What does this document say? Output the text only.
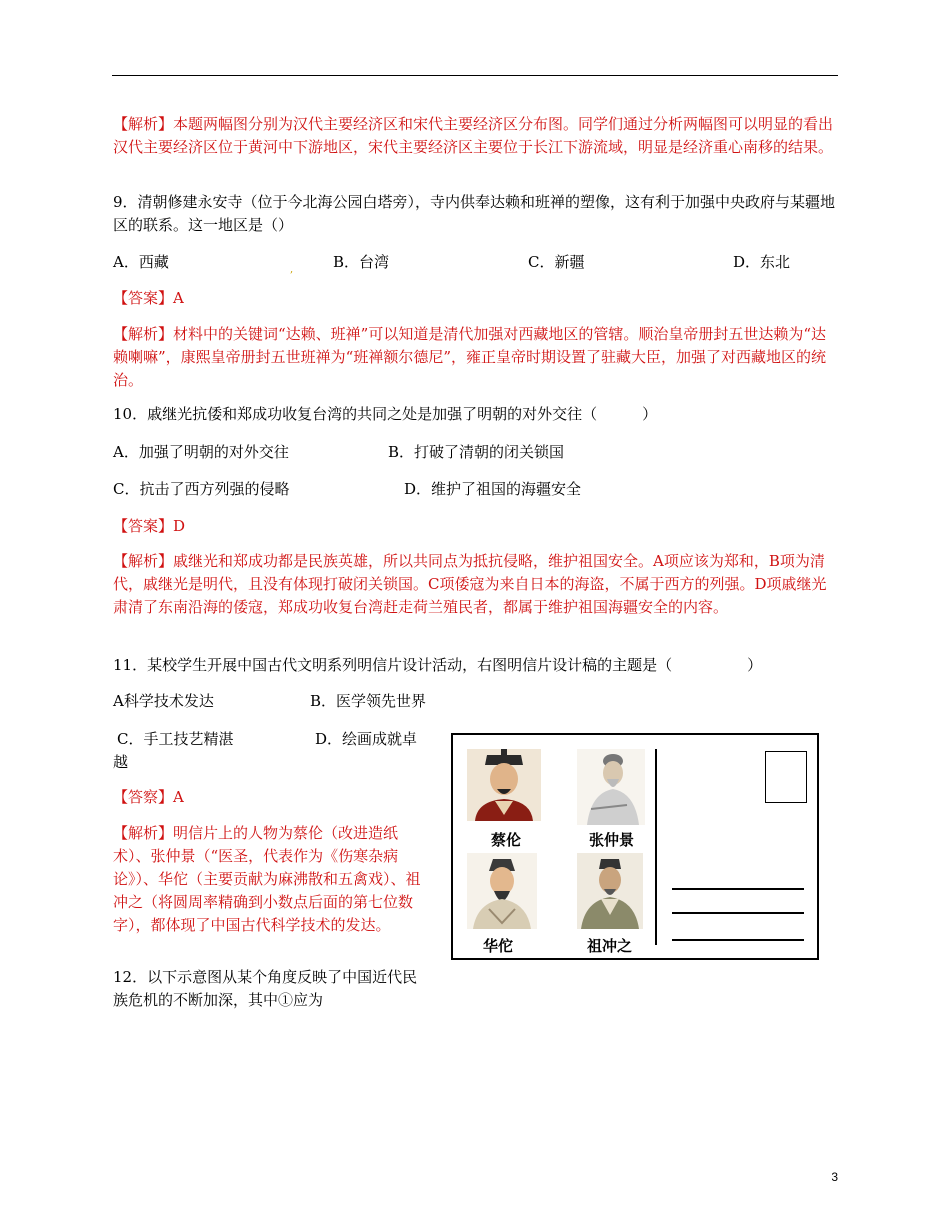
【解析】本题两幅图分别为汉代主要经济区和宋代主要经济区分布图。同学们通过分析两幅图可以明显的看出汉代主要经济区位于黄河中下游地区，宋代主要经济区主要位于长江下游流域，明显是经济重心南移的结果。
9．清朝修建永安寺（位于今北海公园白塔旁），寺内供奉达赖和班禅的塑像，这有利于加强中央政府与某疆地区的联系。这一地区是（）
A．西藏	,	B．台湾	C．新疆	D．东北
【答案】A
【解析】材料中的关键词“达赖、班禅”可以知道是清代加强对西藏地区的管辖。顺治皇帝册封五世达赖为“达赖喇嘛”，康熙皇帝册封五世班禅为“班禅额尔德尼”，雍正皇帝时期设置了驻藏大臣，加强了对西藏地区的统治。
10．戚继光抗倭和郑成功收复台湾的共同之处是加强了明朝的对外交往（　　　）
A．加强了明朝的对外交往	B．打破了清朝的闭关锁国
C．抗击了西方列强的侵略	D．维护了祖国的海疆安全
【答案】D
【解析】戚继光和郑成功都是民族英雄，所以共同点为抵抗侵略，维护祖国安全。A项应该为郑和，B项为清代，戚继光是明代，且没有体现打破闭关锁国。C项倭寇为来自日本的海盗，不属于西方的列强。D项戚继光肃清了东南沿海的倭寇，郑成功收复台湾赶走荷兰殖民者，都属于维护祖国海疆安全的内容。
11．某校学生开展中国古代文明系列明信片设计活动，右图明信片设计稿的主题是（　　　　　）
A科学技术发达	B．医学领先世界
C．手工技艺精湛	D．绘画成就卓越
【答察】A
【解析】明信片上的人物为蔡伦（改进造纸术）、张仲景（“医圣，代表作为《伤寒杂病论》）、华佗（主要贡献为麻沸散和五禽戏）、祖冲之（将圆周率精确到小数点后面的第七位数字），都体现了中国古代科学技术的发达。
12．以下示意图从某个角度反映了中国近代民族危机的不断加深，其中①应为
蔡伦	张仲景
华佗	祖冲之
3
